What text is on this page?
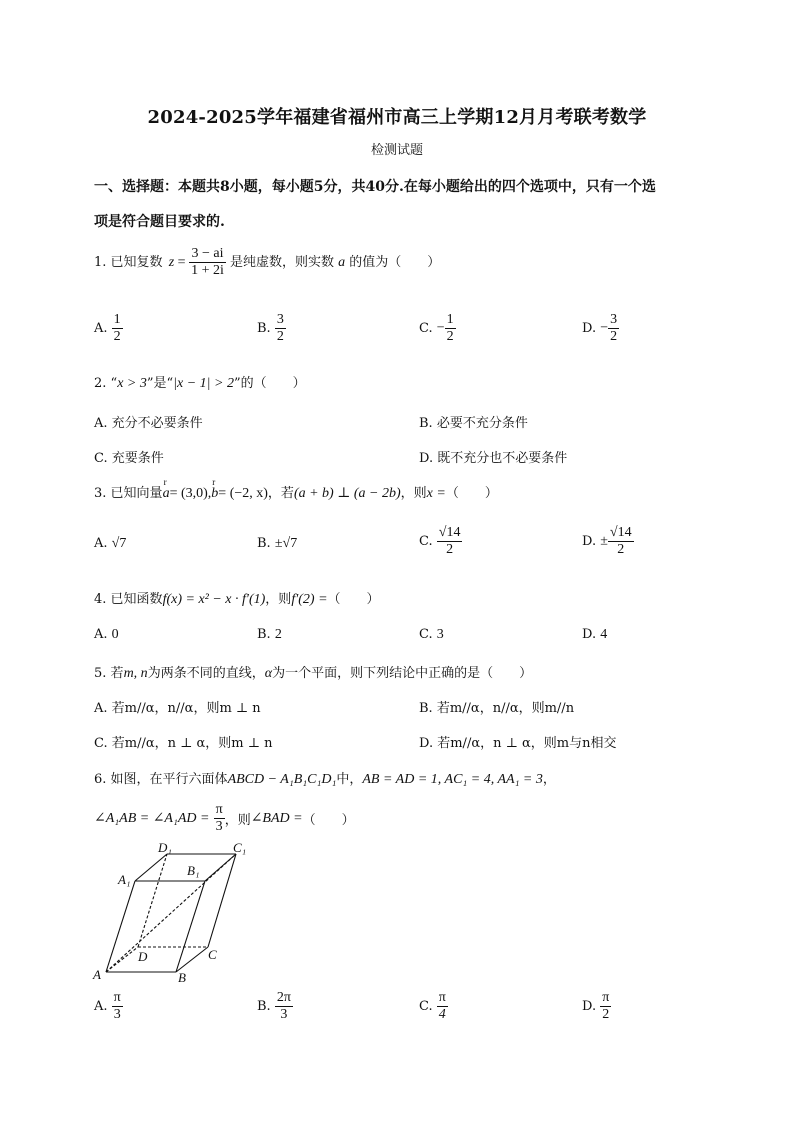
2024-2025学年福建省福州市高三上学期12月月考联考数学
检测试题
一、选择题：本题共8小题，每小题5分，共40分.在每小题给出的四个选项中，只有一个选
项是符合题目要求的.
1. 已知复数 $z = \frac{3 - ai}{1 + 2i}$ 是纯虚数，则实数 a 的值为（　　）
A. $\frac{1}{2}$	B. $\frac{3}{2}$	C. − $\frac{1}{2}$	D. − $\frac{3}{2}$
2. “x > 3”是“|x − 1| > 2”的（　　）
A. 充分不必要条件	B. 必要不充分条件
C. 充要条件	D. 既不充分也不必要条件
3. 已知向量r a= (3,0),r b= (−2, x)，若(a + b) ⊥ (a − 2b)，则x =（　　）
A. √7	B. ±√7	C. $\frac{√14}{2}$	D. ± $\frac{√14}{2}$
4. 已知函数f(x) = x² − x · f′(1)，则f′(2) =（　　）
A. 0	B. 2	C. 3	D. 4
5. 若m, n为两条不同的直线，α为一个平面，则下列结论中正确的是（　　）
A. 若m//α，n//α，则m ⊥ n	B. 若m//α，n//α，则m//n
C. 若m//α，n ⊥ α，则m ⊥ n	D. 若m//α，n ⊥ α，则m与n相交
6. 如图，在平行六面体ABCD − A₁B₁C₁D₁中，AB = AD = 1, AC₁ = 4, AA₁ = 3，
∠A₁AB = ∠A₁AD = $\frac{\pi}{3}$ ，则∠BAD =（　　）
A	B
C
D
A₁
B₁
C₁
D₁
A. $\frac{\pi}{3}$	B. $\frac{2\pi}{3}$	C. $\frac{\pi}{4}$	D. $\frac{\pi}{2}$
